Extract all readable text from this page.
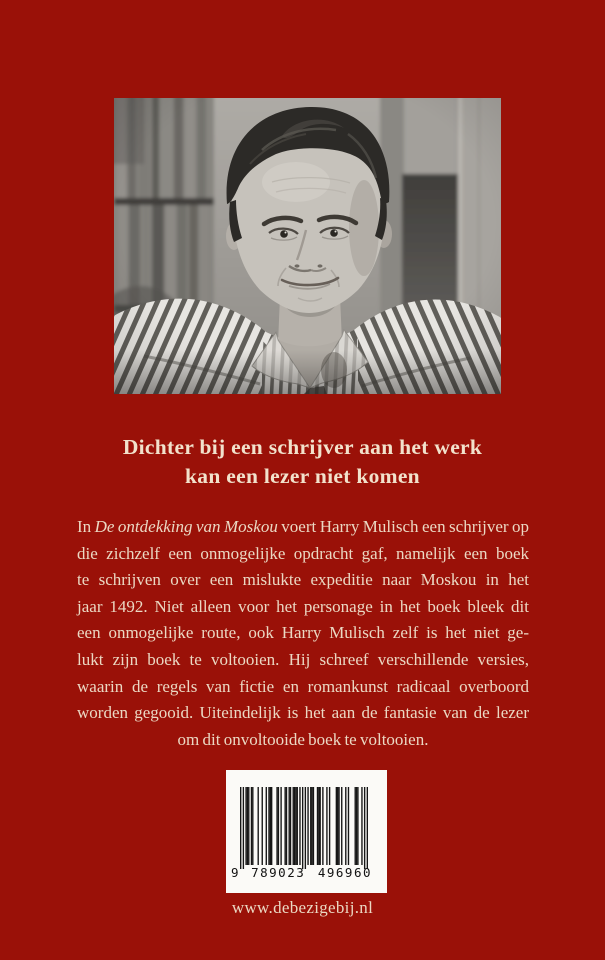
Dichter bij een schrijver aan het werk
kan een lezer niet komen
In De ontdekking van Moskou voert Harry Mulisch een schrijver op
die zichzelf een onmogelijke opdracht gaf, namelijk een boek
te schrijven over een mislukte expeditie naar Moskou in het
jaar 1492. Niet alleen voor het personage in het boek bleek dit
een onmogelijke route, ook Harry Mulisch zelf is het niet ge-
lukt zijn boek te voltooien. Hij schreef verschillende versies,
waarin de regels van fictie en romankunst radicaal overboord
worden gegooid. Uiteindelijk is het aan de fantasie van de lezer
om dit onvoltooide boek te voltooien.
9 789023 496960
www.debezigebij.nl
